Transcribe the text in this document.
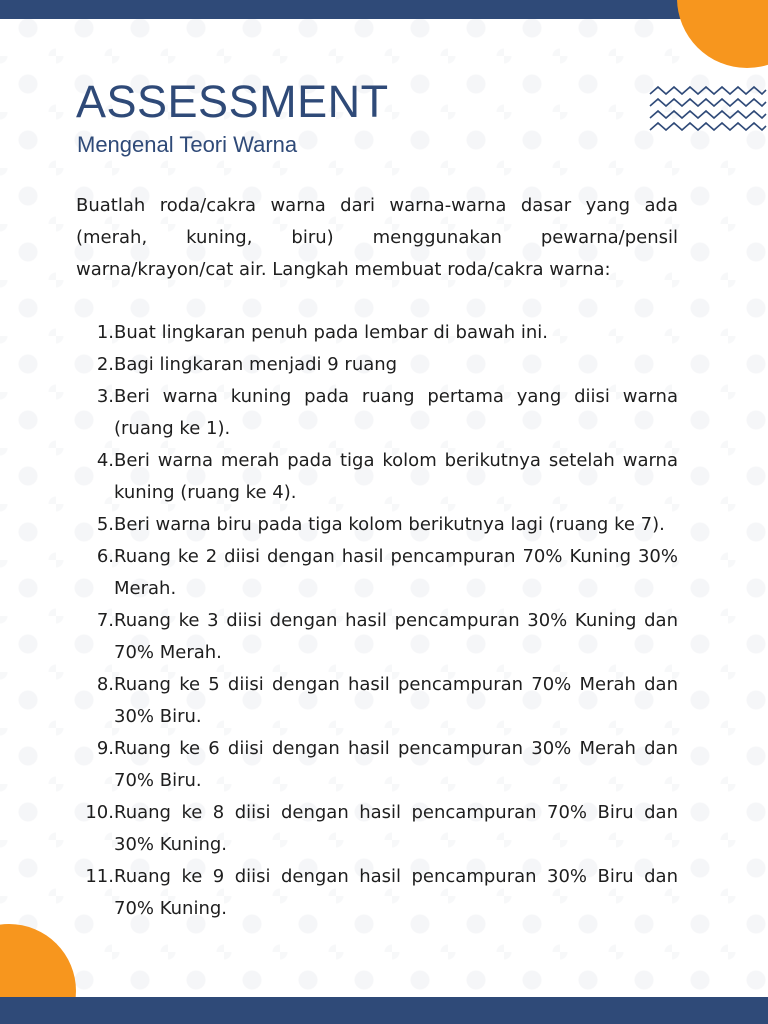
ASSESSMENT
Mengenal Teori Warna

Buatlah roda/cakra warna dari warna-warna dasar yang ada (merah, kuning, biru) menggunakan pewarna/pensil warna/krayon/cat air. Langkah membuat roda/cakra warna:

1. Buat lingkaran penuh pada lembar di bawah ini.
2. Bagi lingkaran menjadi 9 ruang
3. Beri warna kuning pada ruang pertama yang diisi warna (ruang ke 1).
4. Beri warna merah pada tiga kolom berikutnya setelah warna kuning (ruang ke 4).
5. Beri warna biru pada tiga kolom berikutnya lagi (ruang ke 7).
6. Ruang ke 2 diisi dengan hasil pencampuran 70% Kuning 30% Merah.
7. Ruang ke 3 diisi dengan hasil pencampuran 30% Kuning dan 70% Merah.
8. Ruang ke 5 diisi dengan hasil pencampuran 70% Merah dan 30% Biru.
9. Ruang ke 6 diisi dengan hasil pencampuran 30% Merah dan 70% Biru.
10. Ruang ke 8 diisi dengan hasil pencampuran 70% Biru dan 30% Kuning.
11. Ruang ke 9 diisi dengan hasil pencampuran 30% Biru dan 70% Kuning.
